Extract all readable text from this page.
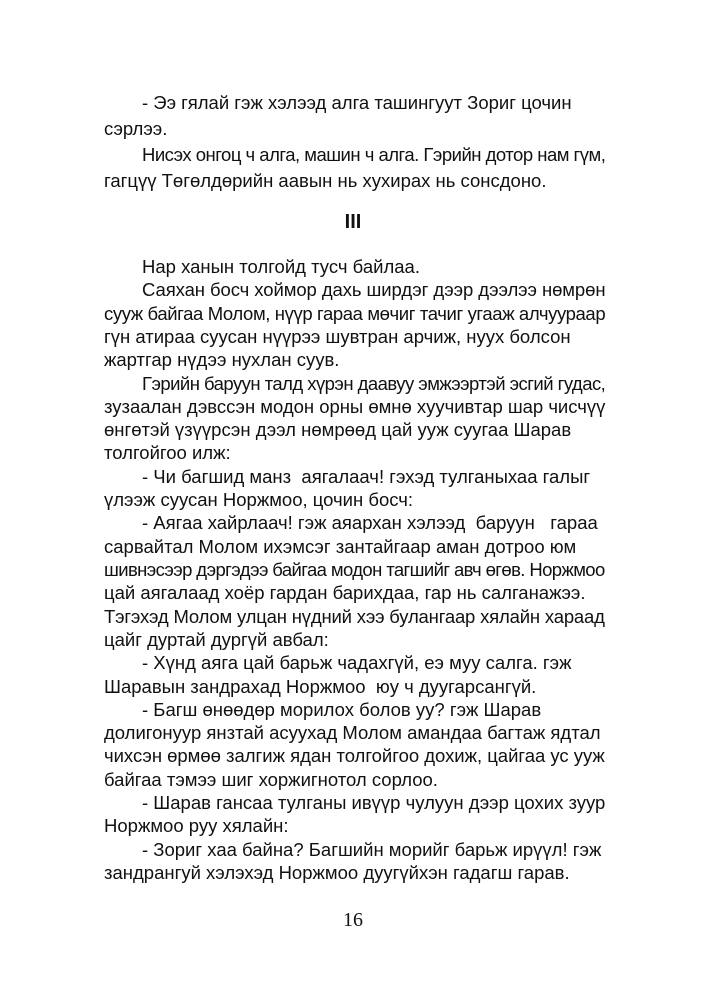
- Ээ гялай гэж хэлээд алга ташингуут Зориг цочин
сэрлээ.
Нисэх онгоц ч алга, машин ч алга. Гэрийн дотор нам гүм,
гагцүү Төгөлдөрийн аавын нь хухирах нь сонсдоно.
III
Нар ханын толгойд тусч байлаа.
Саяхан босч хоймор дахь ширдэг дээр дээлээ нөмрөн
сууж байгаа Молом, нүүр гараа мөчиг тачиг угааж алчуураар
гүн атираа суусан нүүрээ шувтран арчиж, нуух болсон
жартгар нүдээ нухлан суув.
Гэрийн баруун талд хүрэн даавуу эмжээртэй эсгий гудас,
зузаалан дэвссэн модон орны өмнө хуучивтар шар чисчүү
өнгөтэй үзүүрсэн дээл нөмрөөд цай ууж суугаа Шарав
толгойгоо илж:
- Чи багшид манз  аягалаач! гэхэд тулганыхаа галыг
үлээж суусан Норжмоо, цочин босч:
- Аягаа хайрлаач! гэж аяархан хэлээд  баруун   гараа
сарвайтал Молом ихэмсэг зантайгаар аман дотроо юм
шивнэсээр дэргэдээ байгаа модон тагшийг авч өгөв. Норжмоо
цай аягалаад хоёр гардан барихдаа, гар нь салганажээ.
Тэгэхэд Молом улцан нүдний хээ булангаар хялайн хараад
цайг дуртай дургүй авбал:
- Хүнд аяга цай барьж чадахгүй, еэ муу салга. гэж
Шаравын зандрахад Норжмоо  юу ч дуугарсангүй.
- Багш өнөөдөр морилох болов уу? гэж Шарав
долигонуур янзтай асуухад Молом амандаа багтаж ядтал
чихсэн өрмөө залгиж ядан толгойгоо дохиж, цайгаа ус ууж
байгаа тэмээ шиг хоржигнотол сорлоо.
- Шарав гансаа тулганы ивүүр чулуун дээр цохих зуур
Норжмоо руу хялайн:
- Зориг хаа байна? Багшийн морийг барьж ирүүл! гэж
зандрангуй хэлэхэд Норжмоо дуугүйхэн гадагш гарав.
16
